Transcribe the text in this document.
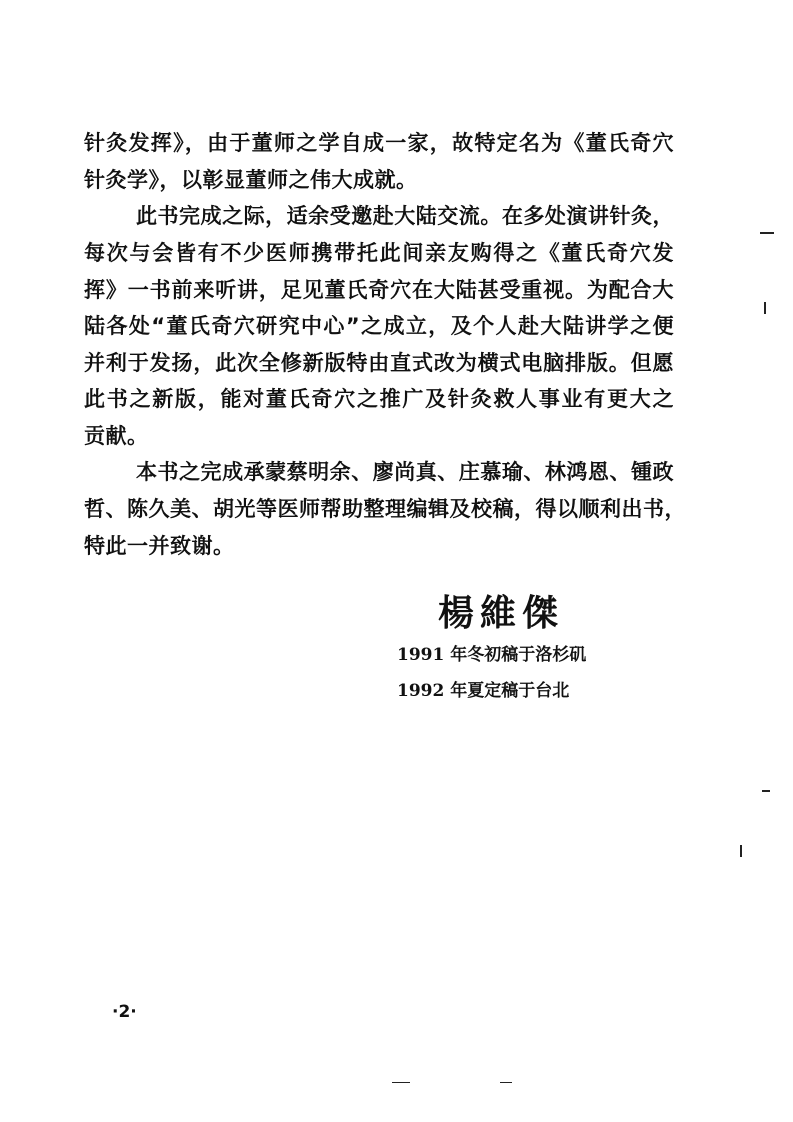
针灸发挥》，由于董师之学自成一家，故特定名为《董氏奇穴
针灸学》，以彰显董师之伟大成就。
此书完成之际，适余受邀赴大陆交流。在多处演讲针灸，
每次与会皆有不少医师携带托此间亲友购得之《董氏奇穴发
挥》一书前来听讲，足见董氏奇穴在大陆甚受重视。为配合大
陆各处“董氏奇穴研究中心”之成立，及个人赴大陆讲学之便
并利于发扬，此次全修新版特由直式改为横式电脑排版。但愿
此书之新版，能对董氏奇穴之推广及针灸救人事业有更大之
贡献。
本书之完成承蒙蔡明余、廖尚真、庄慕瑜、林鸿恩、锺政
哲、陈久美、胡光等医师帮助整理编辑及校稿，得以顺利出书，
特此一并致谢。
楊維傑
1991 年冬初稿于洛杉矶
1992 年夏定稿于台北
·2·
